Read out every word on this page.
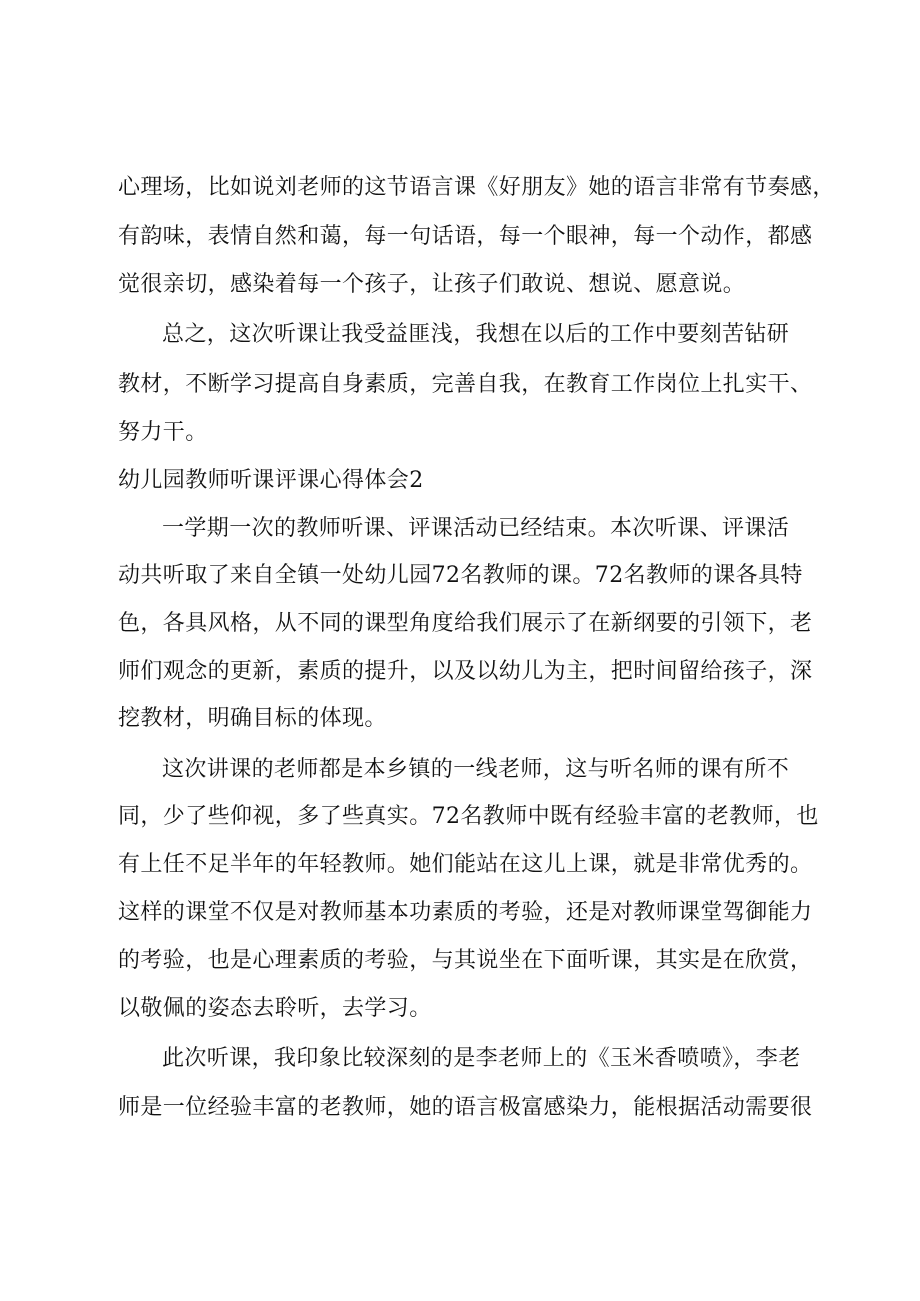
心理场，比如说刘老师的这节语言课《好朋友》她的语言非常有节奏感，
有韵味，表情自然和蔼，每一句话语，每一个眼神，每一个动作，都感
觉很亲切，感染着每一个孩子，让孩子们敢说、想说、愿意说。
总之，这次听课让我受益匪浅，我想在以后的工作中要刻苦钻研
教材，不断学习提高自身素质，完善自我，在教育工作岗位上扎实干、
努力干。
幼儿园教师听课评课心得体会2
一学期一次的教师听课、评课活动已经结束。本次听课、评课活
动共听取了来自全镇一处幼儿园72名教师的课。72名教师的课各具特
色，各具风格，从不同的课型角度给我们展示了在新纲要的引领下，老
师们观念的更新，素质的提升，以及以幼儿为主，把时间留给孩子，深
挖教材，明确目标的体现。
这次讲课的老师都是本乡镇的一线老师，这与听名师的课有所不
同，少了些仰视，多了些真实。72名教师中既有经验丰富的老教师，也
有上任不足半年的年轻教师。她们能站在这儿上课，就是非常优秀的。
这样的课堂不仅是对教师基本功素质的考验，还是对教师课堂驾御能力
的考验，也是心理素质的考验，与其说坐在下面听课，其实是在欣赏，
以敬佩的姿态去聆听，去学习。
此次听课，我印象比较深刻的是李老师上的《玉米香喷喷》，李老
师是一位经验丰富的老教师，她的语言极富感染力，能根据活动需要很
